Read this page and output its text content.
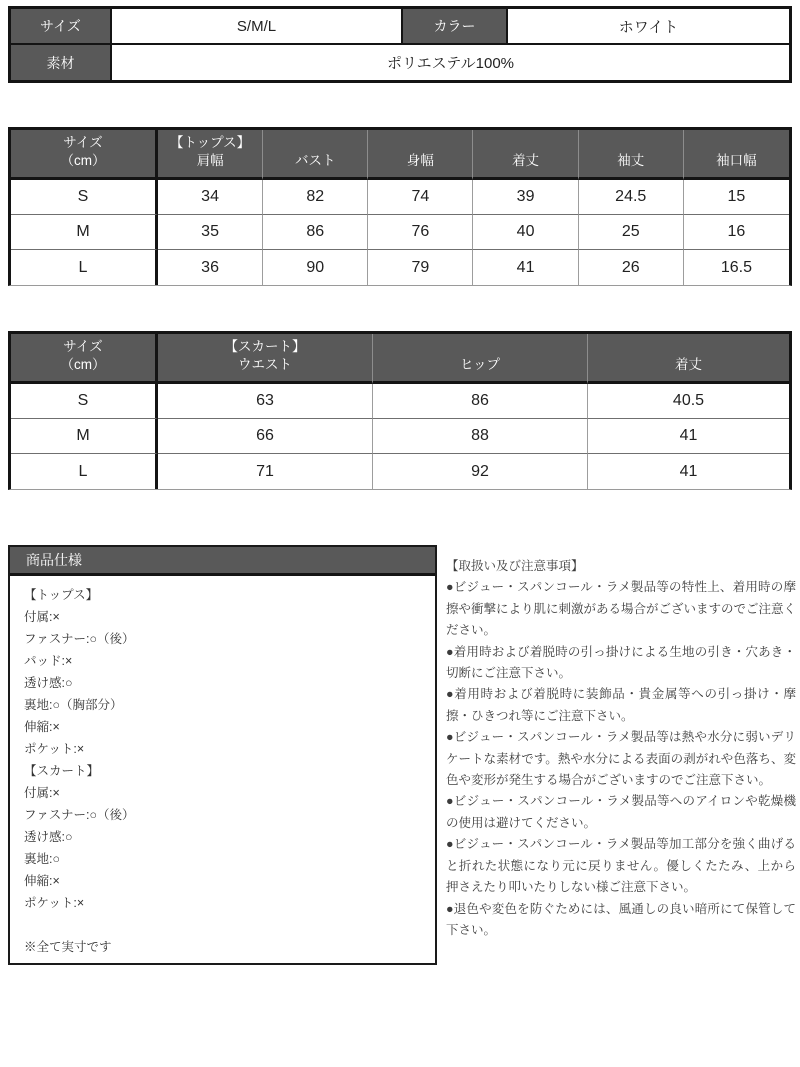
サイズ	S/M/L	カラー	ホワイト
素材	ポリエステル100%
サイズ
（cm）
【トップス】
肩幅	バスト	身幅	着丈	袖丈	袖口幅
S	34	82	74	39	24.5	15
M	35	86	76	40	25	16
L	36	90	79	41	26	16.5
サイズ
（cm）
【スカート】
ウエスト	ヒップ	着丈
S	63	86	40.5
M	66	88	41
L	71	92	41
商品仕様
【トップス】
付属:×
ファスナー:○（後）
パッド:×
透け感:○
裏地:○（胸部分）
伸縮:×
ポケット:×
【スカート】
付属:×
ファスナー:○（後）
透け感:○
裏地:○
伸縮:×
ポケット:×
※全て実寸です

【取扱い及び注意事項】

●ビジュー・スパンコール・ラメ製品等の特性上、着用時の摩擦や衝撃により肌に刺激がある場合がございますのでご注意ください。

●着用時および着脱時の引っ掛けによる生地の引き・穴あき・切断にご注意下さい。

●着用時および着脱時に装飾品・貴金属等への引っ掛け・摩擦・ひきつれ等にご注意下さい。

●ビジュー・スパンコール・ラメ製品等は熱や水分に弱いデリケートな素材です。熱や水分による表面の剥がれや色落ち、変色や変形が発生する場合がございますのでご注意下さい。

●ビジュー・スパンコール・ラメ製品等へのアイロンや乾燥機の使用は避けてください。

●ビジュー・スパンコール・ラメ製品等加工部分を強く曲げると折れた状態になり元に戻りません。優しくたたみ、上から押さえたり叩いたりしない様ご注意下さい。

●退色や変色を防ぐためには、風通しの良い暗所にて保管して下さい。
